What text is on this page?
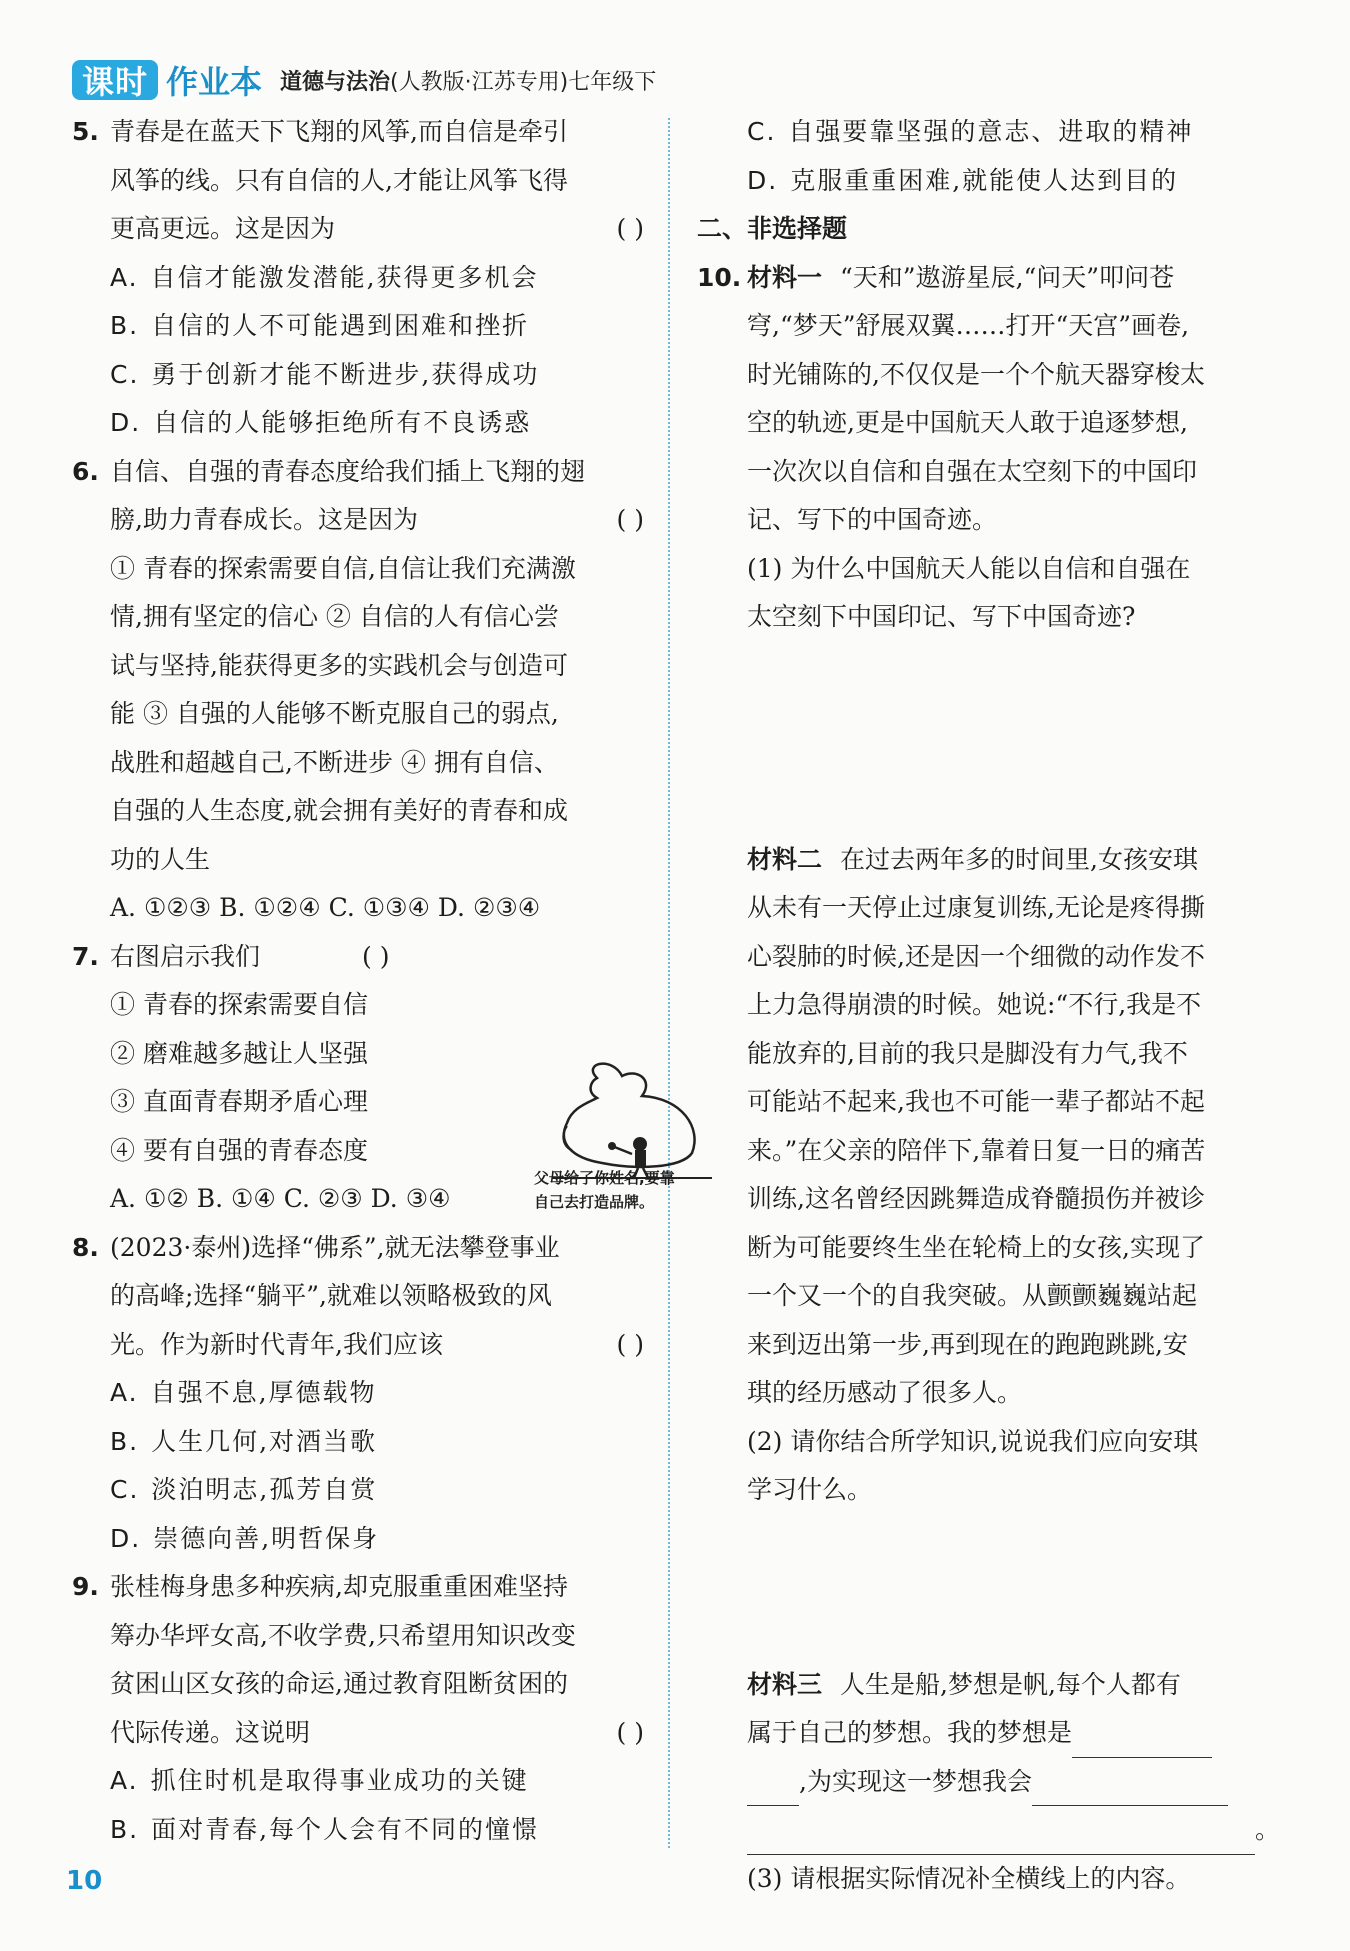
课时 作业本 道德与法治(人教版·江苏专用)七年级下
5. 青春是在蓝天下飞翔的风筝,而自信是牵引
风筝的线。只有自信的人,才能让风筝飞得
更高更远。这是因为	( )
A. 自信才能激发潜能,获得更多机会
B. 自信的人不可能遇到困难和挫折
C. 勇于创新才能不断进步,获得成功
D. 自信的人能够拒绝所有不良诱惑
6. 自信、自强的青春态度给我们插上飞翔的翅
膀,助力青春成长。这是因为	( )
① 青春的探索需要自信,自信让我们充满激
情,拥有坚定的信心 ② 自信的人有信心尝
试与坚持,能获得更多的实践机会与创造可
能 ③ 自强的人能够不断克服自己的弱点,
战胜和超越自己,不断进步 ④ 拥有自信、
自强的人生态度,就会拥有美好的青春和成
功的人生
A. ①②③ B. ①②④ C. ①③④ D. ②③④
7. 右图启示我们	( )
① 青春的探索需要自信
② 磨难越多越让人坚强
③ 直面青春期矛盾心理
④ 要有自强的青春态度
A. ①② B. ①④ C. ②③ D. ③④
8. (2023·泰州)选择“佛系”,就无法攀登事业
的高峰;选择“躺平”,就难以领略极致的风
光。作为新时代青年,我们应该	( )
A. 自强不息,厚德载物
B. 人生几何,对酒当歌
C. 淡泊明志,孤芳自赏
D. 崇德向善,明哲保身
9. 张桂梅身患多种疾病,却克服重重困难坚持
筹办华坪女高,不收学费,只希望用知识改变
贫困山区女孩的命运,通过教育阻断贫困的
代际传递。这说明	( )
A. 抓住时机是取得事业成功的关键
B. 面对青春,每个人会有不同的憧憬
父母给了你姓名,要靠
自己去打造品牌。
C. 自强要靠坚强的意志、进取的精神
D. 克服重重困难,就能使人达到目的
二、非选择题
10. 材料一 “天和”遨游星辰,“问天”叩问苍
穹,“梦天”舒展双翼……打开“天宫”画卷,
时光铺陈的,不仅仅是一个个航天器穿梭太
空的轨迹,更是中国航天人敢于追逐梦想,
一次次以自信和自强在太空刻下的中国印
记、写下的中国奇迹。
(1) 为什么中国航天人能以自信和自强在
太空刻下中国印记、写下中国奇迹?
材料二 在过去两年多的时间里,女孩安琪
从未有一天停止过康复训练,无论是疼得撕
心裂肺的时候,还是因一个细微的动作发不
上力急得崩溃的时候。她说:“不行,我是不
能放弃的,目前的我只是脚没有力气,我不
可能站不起来,我也不可能一辈子都站不起
来。”在父亲的陪伴下,靠着日复一日的痛苦
训练,这名曾经因跳舞造成脊髓损伤并被诊
断为可能要终生坐在轮椅上的女孩,实现了
一个又一个的自我突破。从颤颤巍巍站起
来到迈出第一步,再到现在的跑跑跳跳,安
琪的经历感动了很多人。
(2) 请你结合所学知识,说说我们应向安琪
学习什么。
材料三 人生是船,梦想是帆,每个人都有
属于自己的梦想。我的梦想是
,为实现这一梦想我会
。
(3) 请根据实际情况补全横线上的内容。
10
